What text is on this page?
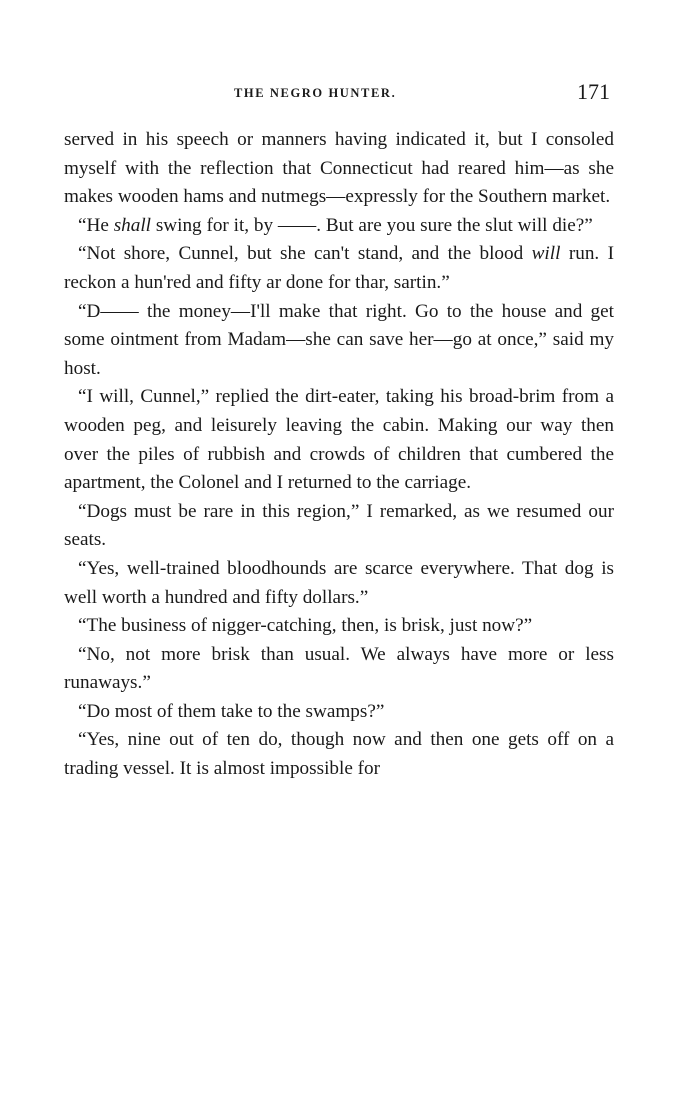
THE NEGRO HUNTER.	171

served in his speech or manners having indicated it, but I consoled myself with the reflection that Connecticut had reared him—as she makes wooden hams and nutmegs—expressly for the Southern market.

“He shall swing for it, by ——. But are you sure the slut will die?”

“Not shore, Cunnel, but she can't stand, and the blood will run. I reckon a hun'red and fifty ar done for thar, sartin.”

“D—— the money—I'll make that right. Go to the house and get some ointment from Madam—she can save her—go at once,” said my host.

“I will, Cunnel,” replied the dirt-eater, taking his broad-brim from a wooden peg, and leisurely leaving the cabin. Making our way then over the piles of rubbish and crowds of children that cumbered the apartment, the Colonel and I returned to the carriage.

“Dogs must be rare in this region,” I remarked, as we resumed our seats.

“Yes, well-trained bloodhounds are scarce everywhere. That dog is well worth a hundred and fifty dollars.”

“The business of nigger-catching, then, is brisk, just now?”

“No, not more brisk than usual. We always have more or less runaways.”

“Do most of them take to the swamps?”

“Yes, nine out of ten do, though now and then one gets off on a trading vessel. It is almost impossible for
